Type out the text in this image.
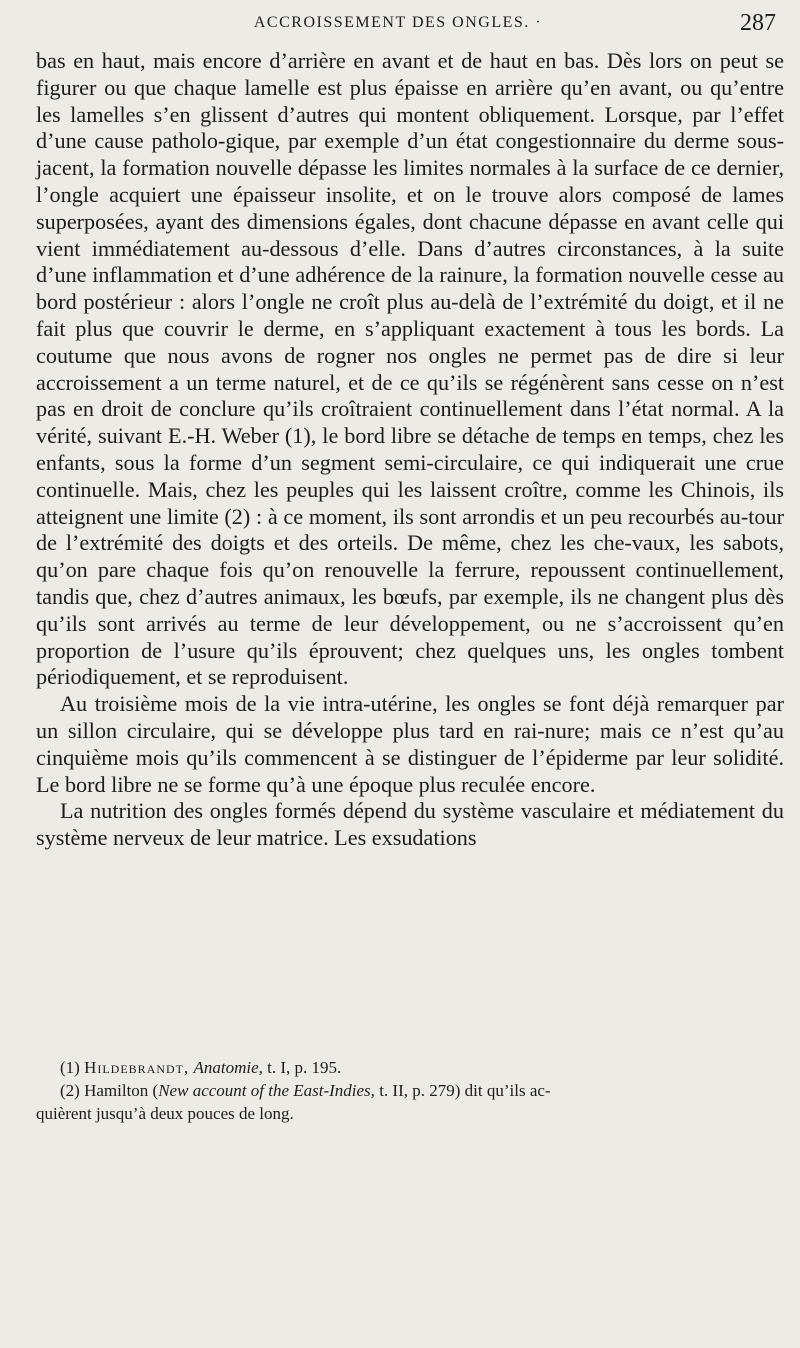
ACCROISSEMENT DES ONGLES. ·	287

bas en haut, mais encore d’arrière en avant et de haut en bas. Dès lors on peut se figurer ou que chaque lamelle est plus épaisse en arrière qu’en avant, ou qu’entre les lamelles s’en glissent d’autres qui montent obliquement. Lorsque, par l’effet d’une cause patholo-gique, par exemple d’un état congestionnaire du derme sous-jacent, la formation nouvelle dépasse les limites normales à la surface de ce dernier, l’ongle acquiert une épaisseur insolite, et on le trouve alors composé de lames superposées, ayant des dimensions égales, dont chacune dépasse en avant celle qui vient immédiatement au-dessous d’elle. Dans d’autres circonstances, à la suite d’une inflammation et d’une adhérence de la rainure, la formation nouvelle cesse au bord postérieur : alors l’ongle ne croît plus au-delà de l’extrémité du doigt, et il ne fait plus que couvrir le derme, en s’appliquant exactement à tous les bords. La coutume que nous avons de rogner nos ongles ne permet pas de dire si leur accroissement a un terme naturel, et de ce qu’ils se régénèrent sans cesse on n’est pas en droit de conclure qu’ils croîtraient continuellement dans l’état normal. A la vérité, suivant E.-H. Weber (1), le bord libre se détache de temps en temps, chez les enfants, sous la forme d’un segment semi-circulaire, ce qui indiquerait une crue continuelle. Mais, chez les peuples qui les laissent croître, comme les Chinois, ils atteignent une limite (2) : à ce moment, ils sont arrondis et un peu recourbés au-tour de l’extrémité des doigts et des orteils. De même, chez les che-vaux, les sabots, qu’on pare chaque fois qu’on renouvelle la ferrure, repoussent continuellement, tandis que, chez d’autres animaux, les bœufs, par exemple, ils ne changent plus dès qu’ils sont arrivés au terme de leur développement, ou ne s’accroissent qu’en proportion de l’usure qu’ils éprouvent; chez quelques uns, les ongles tombent périodiquement, et se reproduisent.

Au troisième mois de la vie intra-utérine, les ongles se font déjà remarquer par un sillon circulaire, qui se développe plus tard en rai-nure; mais ce n’est qu’au cinquième mois qu’ils commencent à se distinguer de l’épiderme par leur solidité. Le bord libre ne se forme qu’à une époque plus reculée encore.

La nutrition des ongles formés dépend du système vasculaire et médiatement du système nerveux de leur matrice. Les exsudations

(1) Hildebrandt, Anatomie, t. I, p. 195.

(2) Hamilton (New account of the East-Indies, t. II, p. 279) dit qu’ils ac-

quièrent jusqu’à deux pouces de long.
